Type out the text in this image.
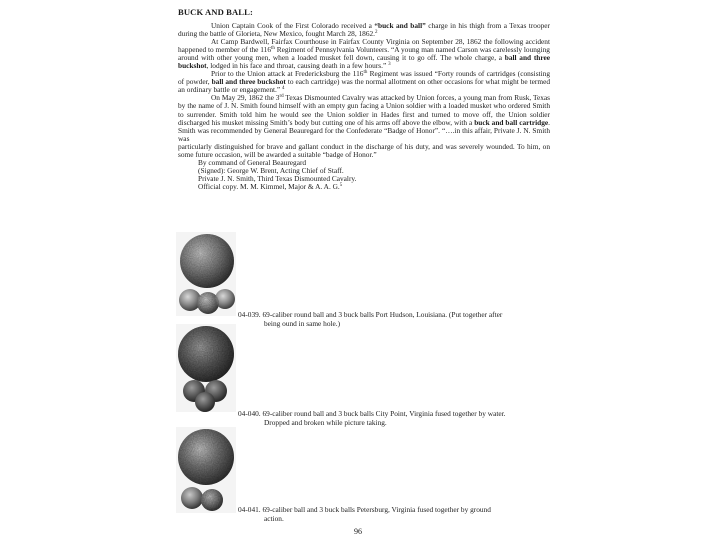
BUCK AND BALL:

Union Captain Cook of the First Colorado received a “buck and ball” charge in his thigh from a Texas trooper during the battle of Glorieta, New Mexico, fought March 28, 1862.$^2$

At Camp Bardwell, Fairfax Courthouse in Fairfax County Virginia on September 28, 1862 the following accident happened to member of the 116th Regiment of Pennsylvania Volunteers. “A young man named Carson was carelessly lounging around with other young men, when a loaded musket fell down, causing it to go off. The whole charge, a ball and three buckshot, lodged in his face and throat, causing death in a few hours.” $^3$

Prior to the Union attack at Fredericksburg the 116th Regiment was issued “Forty rounds of cartridges (consisting of powder, ball and three buckshot to each cartridge) was the normal allotment on other occasions for what might be termed an ordinary battle or engagement.” $^4$

On May 29, 1862 the 3rd Texas Dismounted Cavalry was attacked by Union forces, a young man from Rusk, Texas by the name of J. N. Smith found himself with an empty gun facing a Union soldier with a loaded musket who ordered Smith to surrender. Smith told him he would see the Union soldier in Hades first and turned to move off, the Union soldier discharged his musket missing Smith’s body but cutting one of his arms off above the elbow, with a buck and ball cartridge. Smith was recommended by General Beauregard for the Confederate “Badge of Honor”. “….in this affair, Private J. N. Smith was

particularly distinguished for brave and gallant conduct in the discharge of his duty, and was severely wounded. To him, on some future occasion, will be awarded a suitable “badge of Honor.”

By command of General Beauregard

(Signed): George W. Brent, Acting Chief of Staff.

Private J. N. Smith, Third Texas Dismounted Cavalry.

Official copy. M. M. Kimmel, Major & A. A. G.$^5$

04-039. 69-caliber round ball and 3 buck balls Port Hudson, Louisiana. (Put together after
being ound in same hole.)
04-040. 69-caliber round ball and 3 buck balls City Point, Virginia fused together by water.
Dropped and broken while picture taking.
04-041. 69-caliber ball and 3 buck balls Petersburg, Virginia fused together by ground
action.
96
